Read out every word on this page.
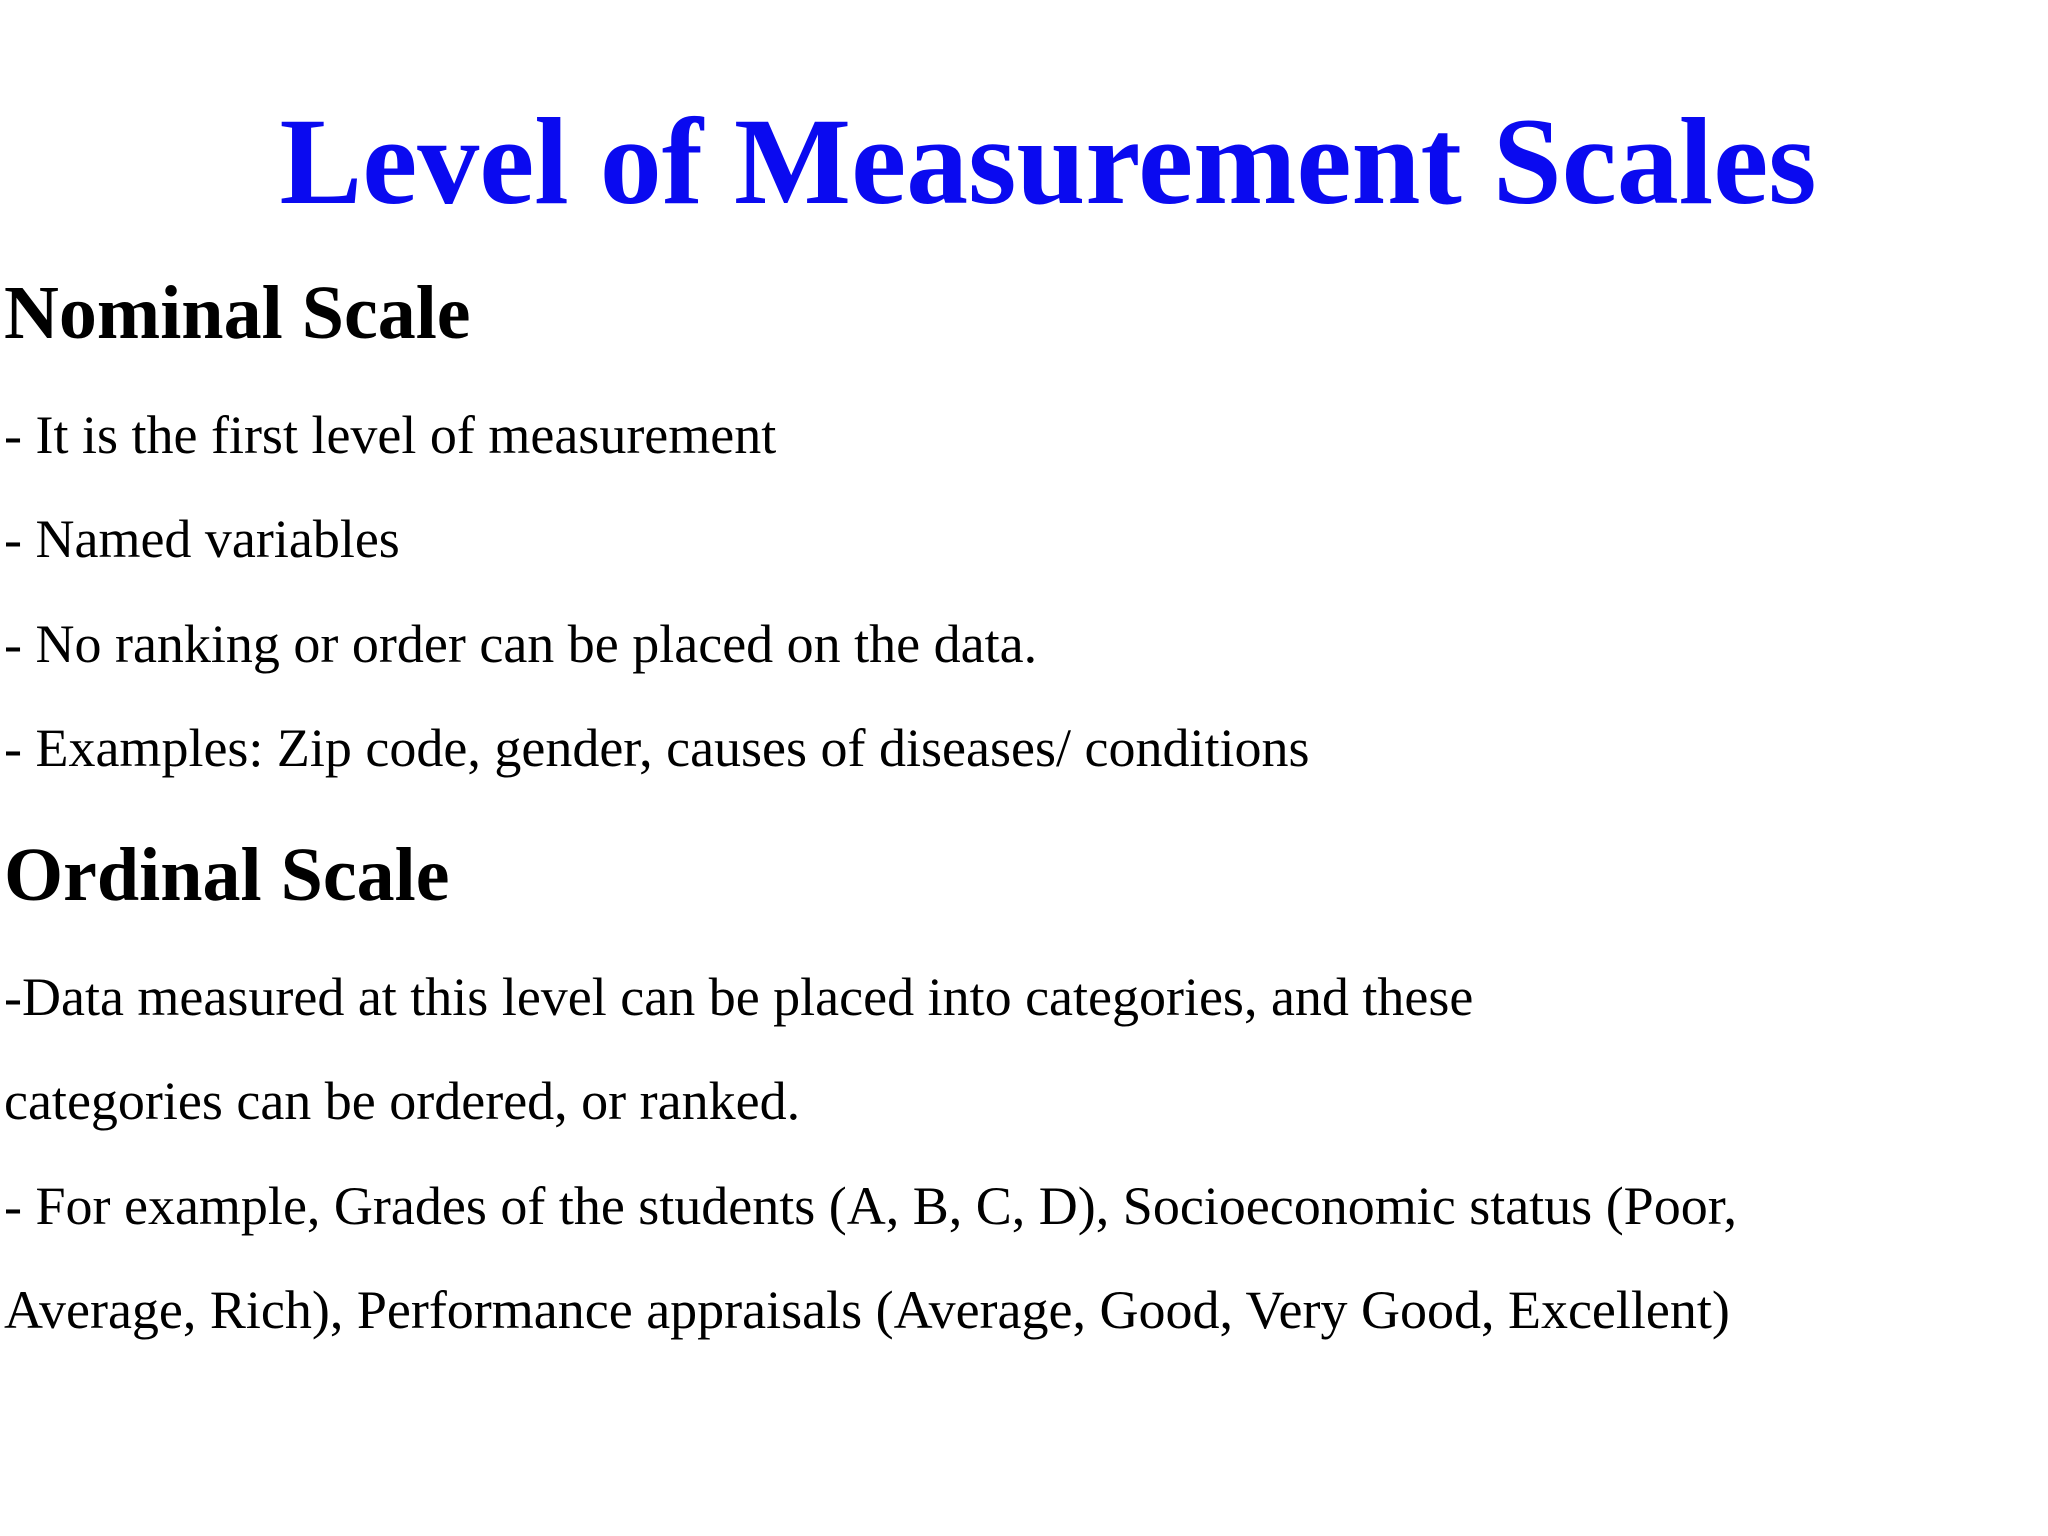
Level of Measurement Scales
Nominal Scale

- It is the first level of measurement

- Named variables

- No ranking or order can be placed on the data.

- Examples: Zip code, gender, causes of diseases/ conditions

Ordinal Scale

-Data measured at this level can be placed into categories, and these

categories can be ordered, or ranked.

- For example, Grades of the students (A, B, C, D), Socioeconomic status (Poor,

Average, Rich), Performance appraisals (Average, Good, Very Good, Excellent)
